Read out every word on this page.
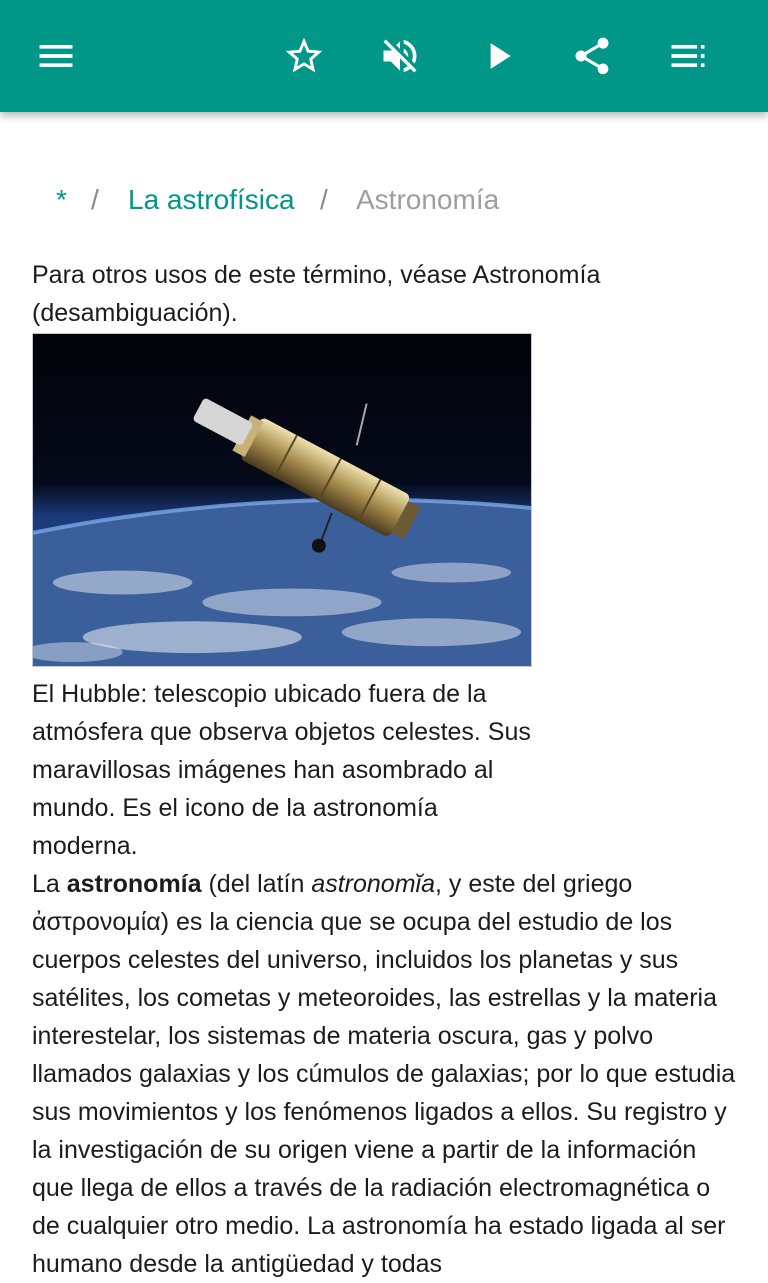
* / La astrofísica / Astronomía

Para otros usos de este término, véase Astronomía (desambiguación).

El Hubble: telescopio ubicado fuera de la atmósfera que observa objetos celestes. Sus maravillosas imágenes han asombrado al mundo. Es el icono de la astronomía moderna.

La astronomía (del latín astronomĭa, y este del griego ἀστρονομία) es la ciencia que se ocupa del estudio de los cuerpos celestes del universo, incluidos los planetas y sus satélites, los cometas y meteoroides, las estrellas y la materia interestelar, los sistemas de materia oscura, gas y polvo llamados galaxias y los cúmulos de galaxias; por lo que estudia sus movimientos y los fenómenos ligados a ellos. Su registro y la investigación de su origen viene a partir de la información que llega de ellos a través de la radiación electromagnética o de cualquier otro medio. La astronomía ha estado ligada al ser humano desde la antigüedad y todas
